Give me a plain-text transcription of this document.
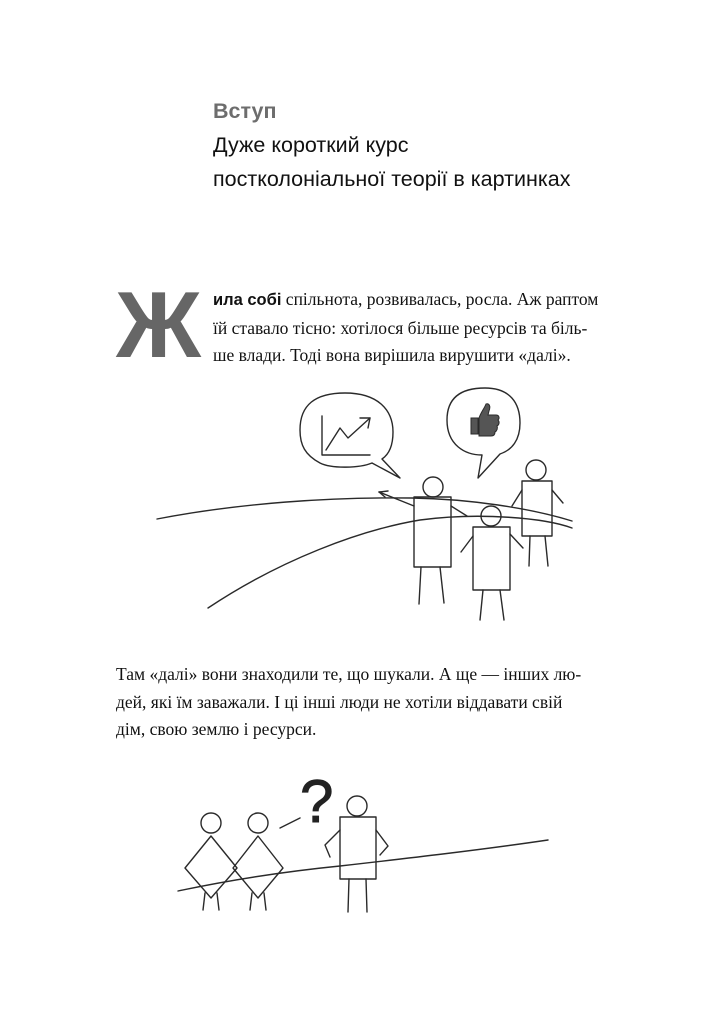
Вступ
Дуже короткий курс
постколоніальної теорії в картинках
Ж ила собі спільнота, розвивалась, росла. Аж раптом
їй ставало тісно: хотілося більше ресурсів та біль-
ше влади. Тоді вона вирішила вирушити «далі».
?
Там «далі» вони знаходили те, що шукали. А ще — інших лю-
дей, які їм заважали. І ці інші люди не хотіли віддавати свій
дім, свою землю і ресурси.
